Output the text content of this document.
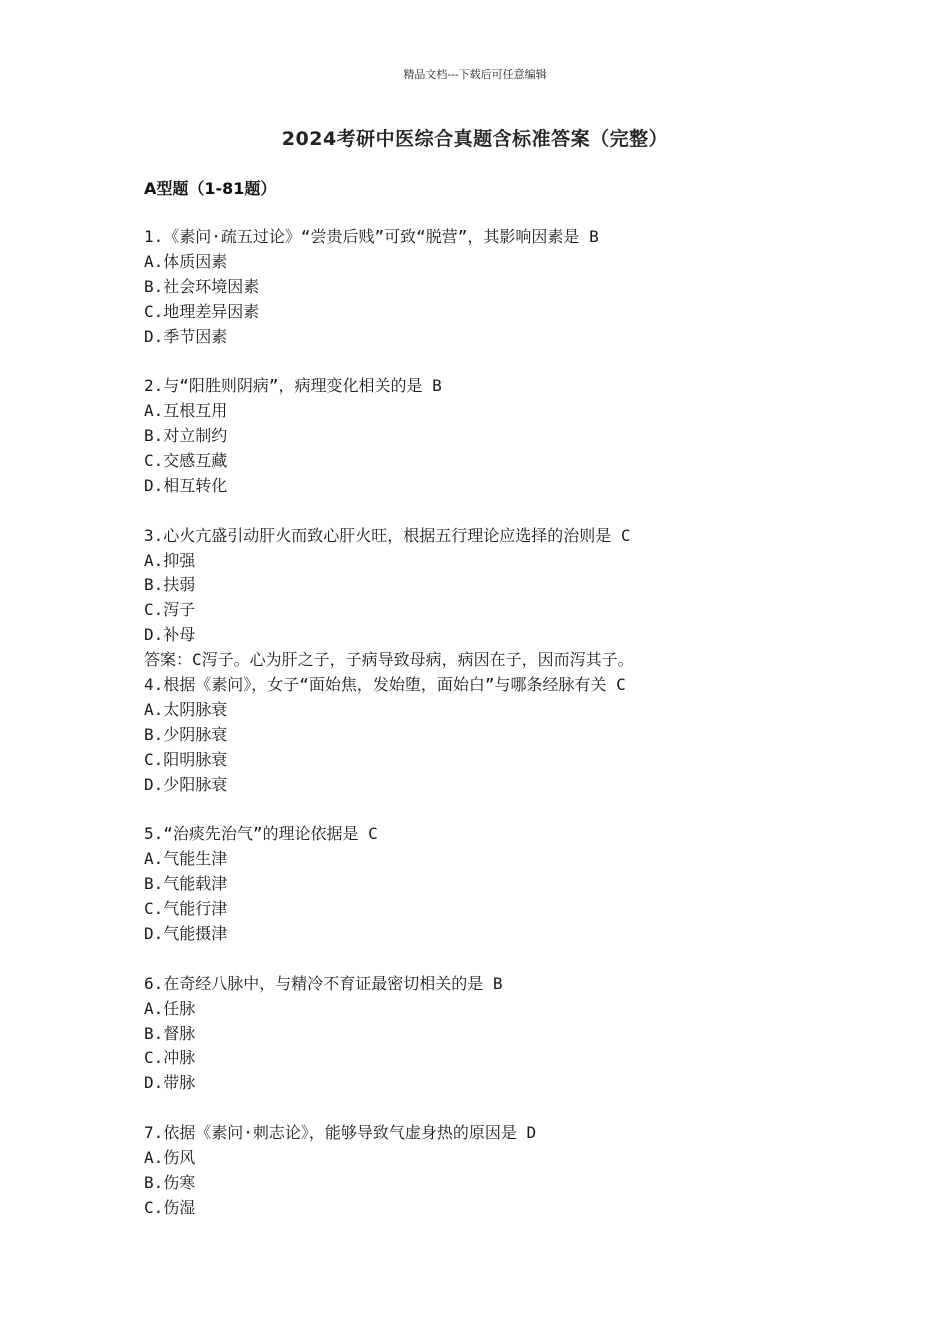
精品文档---下载后可任意编辑
2024考研中医综合真题含标准答案（完整）
A型题（1-81题）
1.《素问·疏五过论》“尝贵后贱”可致“脱营”，其影响因素是 B
A.体质因素
B.社会环境因素
C.地理差异因素
D.季节因素
2.与“阳胜则阴病”，病理变化相关的是 B
A.互根互用
B.对立制约
C.交感互藏
D.相互转化
3.心火亢盛引动肝火而致心肝火旺，根据五行理论应选择的治则是 C
A.抑强
B.扶弱
C.泻子
D.补母
答案：C泻子。心为肝之子，子病导致母病，病因在子，因而泻其子。
4.根据《素问》，女子“面始焦，发始堕，面始白”与哪条经脉有关 C
A.太阴脉衰
B.少阴脉衰
C.阳明脉衰
D.少阳脉衰
5.“治痰先治气”的理论依据是 C
A.气能生津
B.气能载津
C.气能行津
D.气能摄津
6.在奇经八脉中，与精冷不育证最密切相关的是 B
A.任脉
B.督脉
C.冲脉
D.带脉
7.依据《素问·刺志论》，能够导致气虚身热的原因是 D
A.伤风
B.伤寒
C.伤湿
